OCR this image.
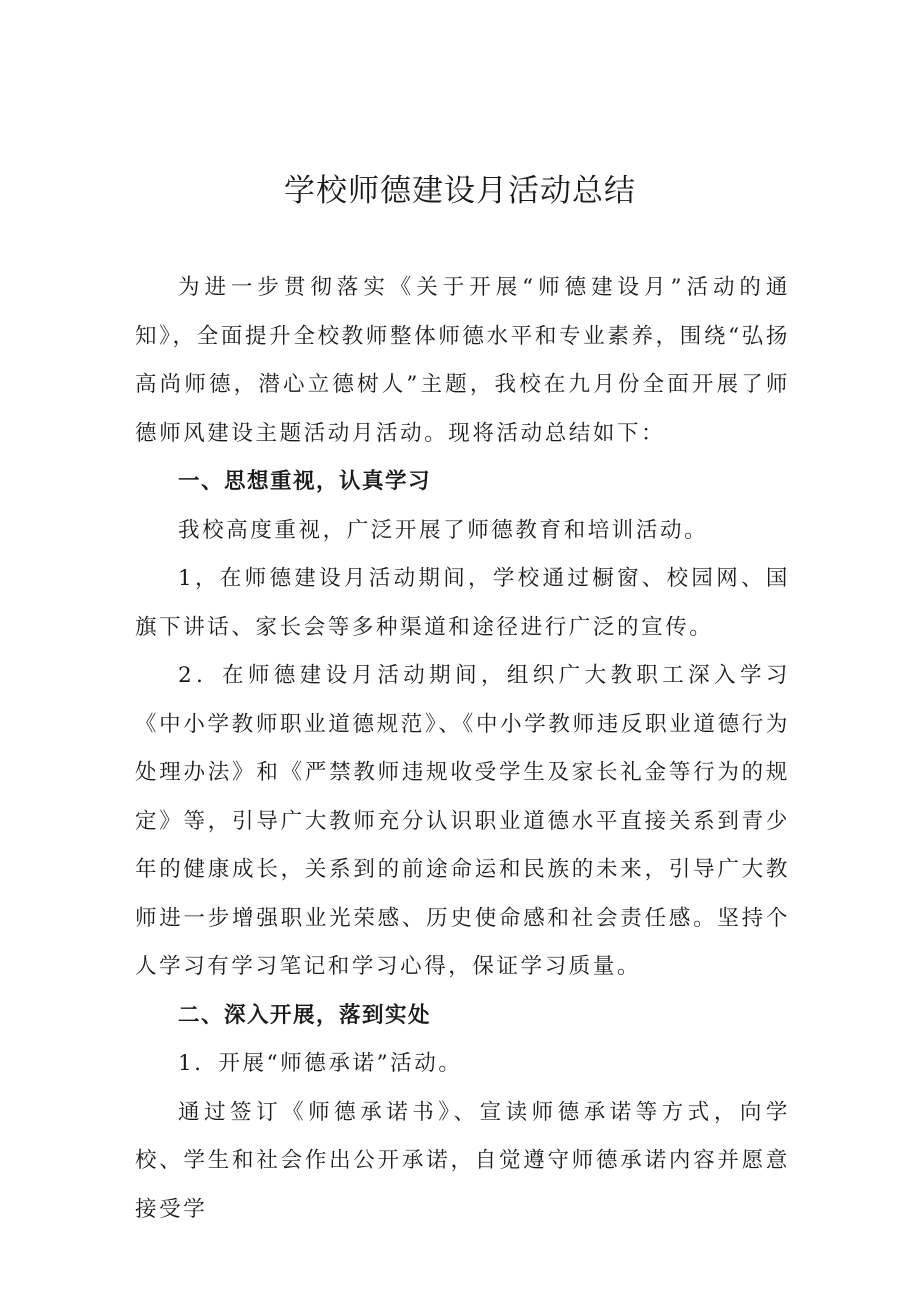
学校师德建设月活动总结

为进一步贯彻落实《关于开展“师德建设月”活动的通知》，全面提升全校教师整体师德水平和专业素养，围绕“弘扬高尚师德，潜心立德树人”主题，我校在九月份全面开展了师德师风建设主题活动月活动。现将活动总结如下：

一、思想重视，认真学习

我校高度重视，广泛开展了师德教育和培训活动。

1，在师德建设月活动期间，学校通过橱窗、校园网、国旗下讲话、家长会等多种渠道和途径进行广泛的宣传。

2．在师德建设月活动期间，组织广大教职工深入学习《中小学教师职业道德规范》、《中小学教师违反职业道德行为处理办法》和《严禁教师违规收受学生及家长礼金等行为的规定》等，引导广大教师充分认识职业道德水平直接关系到青少年的健康成长，关系到的前途命运和民族的未来，引导广大教师进一步增强职业光荣感、历史使命感和社会责任感。坚持个人学习有学习笔记和学习心得，保证学习质量。

二、深入开展，落到实处

1．开展“师德承诺”活动。

通过签订《师德承诺书》、宣读师德承诺等方式，向学校、学生和社会作出公开承诺，自觉遵守师德承诺内容并愿意接受学
